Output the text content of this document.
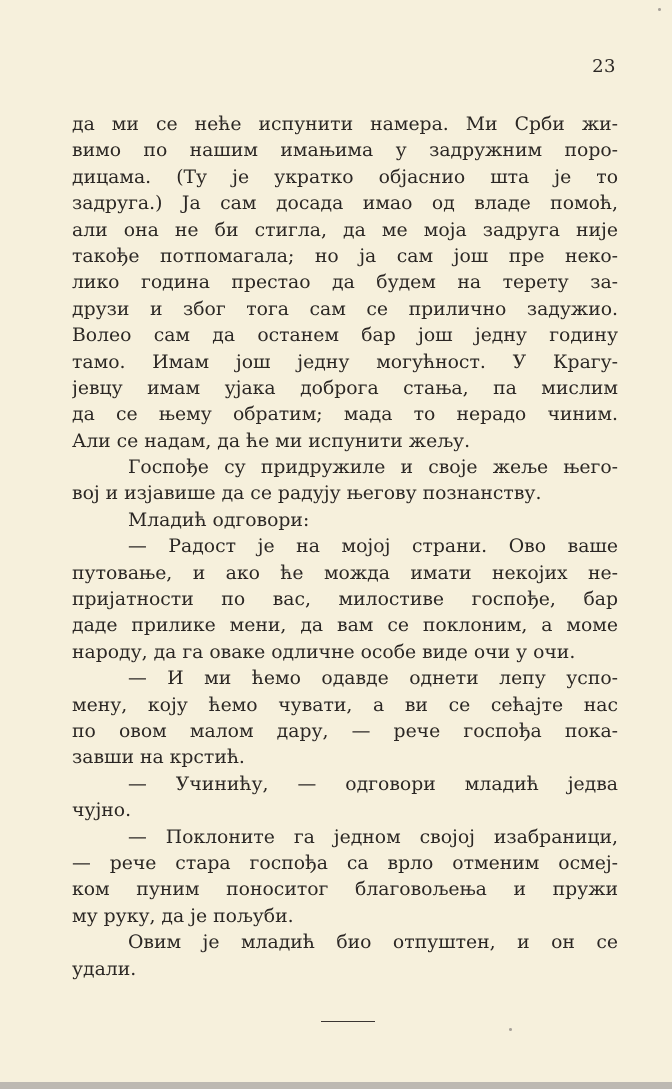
23
да ми се неће испунити намера. Ми Срби жи-
вимо по нашим имањима у задружним поро-
дицама. (Ту је укратко објаснио шта је то
задруга.) Ја сам досада имао од владе помоћ,
али она не би стигла, да ме моја задруга није
такође потпомагала; но ја сам још пре неко-
лико година престао да будем на терету за-
друзи и због тога сам се прилично задужио.
Волео сам да останем бар још једну годину
тамо. Имам још једну могућност. У Крагу-
јевцу имам ујака доброга стања, па мислим
да се њему обратим; мада то нерадо чиним.
Али се надам, да ће ми испунити жељу.
Госпође су придружиле и своје жеље њего-
вој и изјавише да се радују његову познанству.
Младић одговори:
— Радост је на мојој страни. Ово ваше
путовање, и ако ће можда имати некојих не-
пријатности по вас, милостиве госпође, бар
даде прилике мени, да вам се поклоним, а моме
народу, да га оваке одличне особе виде очи у очи.
— И ми ћемо одавде однети лепу успо-
мену, коју ћемо чувати, а ви се сећајте нас
по овом малом дару, — рече госпођа пока-
завши на крстић.
— Учинићу, — одговори младић једва
чујно.
— Поклоните га једном својој изабраници,
— рече стара госпођа са врло отменим осмеј-
ком пуним поноситог благовољења и пружи
му руку, да је пољуби.
Овим је младић био отпуштен, и он се
удали.
